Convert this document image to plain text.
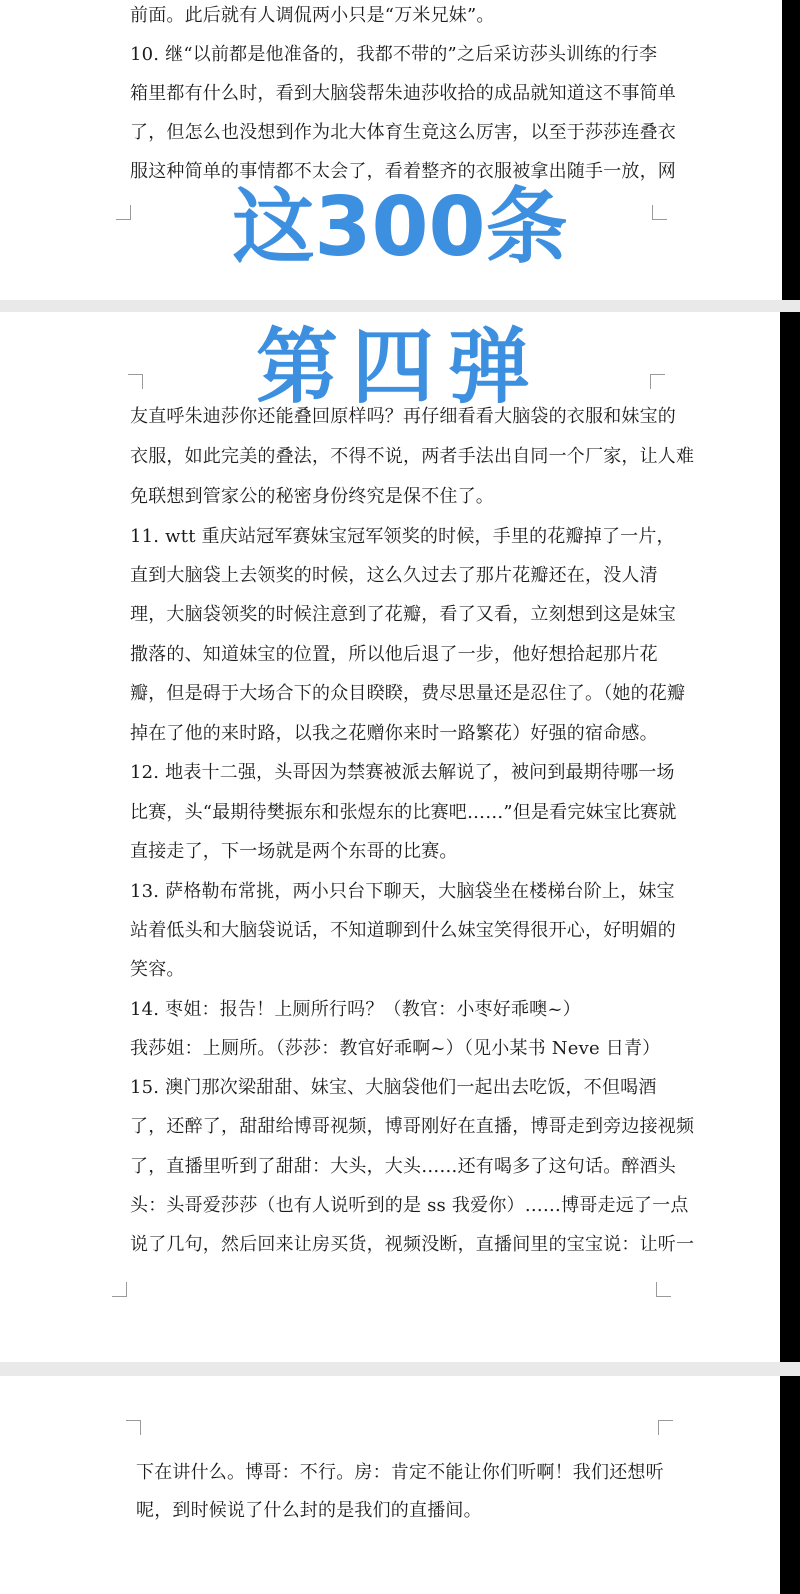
前面。此后就有人调侃两小只是“万米兄妹”。
10. 继“以前都是他准备的，我都不带的”之后采访莎头训练的行李
箱里都有什么时，看到大脑袋帮朱迪莎收拾的成品就知道这不事简单
了，但怎么也没想到作为北大体育生竟这么厉害，以至于莎莎连叠衣
服这种简单的事情都不太会了，看着整齐的衣服被拿出随手一放，网
友直呼朱迪莎你还能叠回原样吗？再仔细看看大脑袋的衣服和妹宝的
衣服，如此完美的叠法，不得不说，两者手法出自同一个厂家，让人难
免联想到管家公的秘密身份终究是保不住了。
11. wtt 重庆站冠军赛妹宝冠军领奖的时候，手里的花瓣掉了一片，
直到大脑袋上去领奖的时候，这么久过去了那片花瓣还在，没人清
理，大脑袋领奖的时候注意到了花瓣，看了又看，立刻想到这是妹宝
撒落的、知道妹宝的位置，所以他后退了一步，他好想拾起那片花
瓣，但是碍于大场合下的众目睽睽，费尽思量还是忍住了。（她的花瓣
掉在了他的来时路，以我之花赠你来时一路繁花）好强的宿命感。
12. 地表十二强，头哥因为禁赛被派去解说了，被问到最期待哪一场
比赛，头“最期待樊振东和张煜东的比赛吧……”但是看完妹宝比赛就
直接走了，下一场就是两个东哥的比赛。
13. 萨格勒布常挑，两小只台下聊天，大脑袋坐在楼梯台阶上，妹宝
站着低头和大脑袋说话，不知道聊到什么妹宝笑得很开心，好明媚的
笑容。
14. 枣姐：报告！上厕所行吗？（教官：小枣好乖噢~）
我莎姐：上厕所。（莎莎：教官好乖啊~）（见小某书 Neve 日青）
15. 澳门那次梁甜甜、妹宝、大脑袋他们一起出去吃饭，不但喝酒
了，还醉了，甜甜给博哥视频，博哥刚好在直播，博哥走到旁边接视频
了，直播里听到了甜甜：大头，大头……还有喝多了这句话。醉酒头
头：头哥爱莎莎（也有人说听到的是 ss 我爱你）……博哥走远了一点
说了几句，然后回来让房买货，视频没断，直播间里的宝宝说：让听一
下在讲什么。博哥：不行。房：肯定不能让你们听啊！我们还想听
呢，到时候说了什么封的是我们的直播间。
这300条
第四弹
